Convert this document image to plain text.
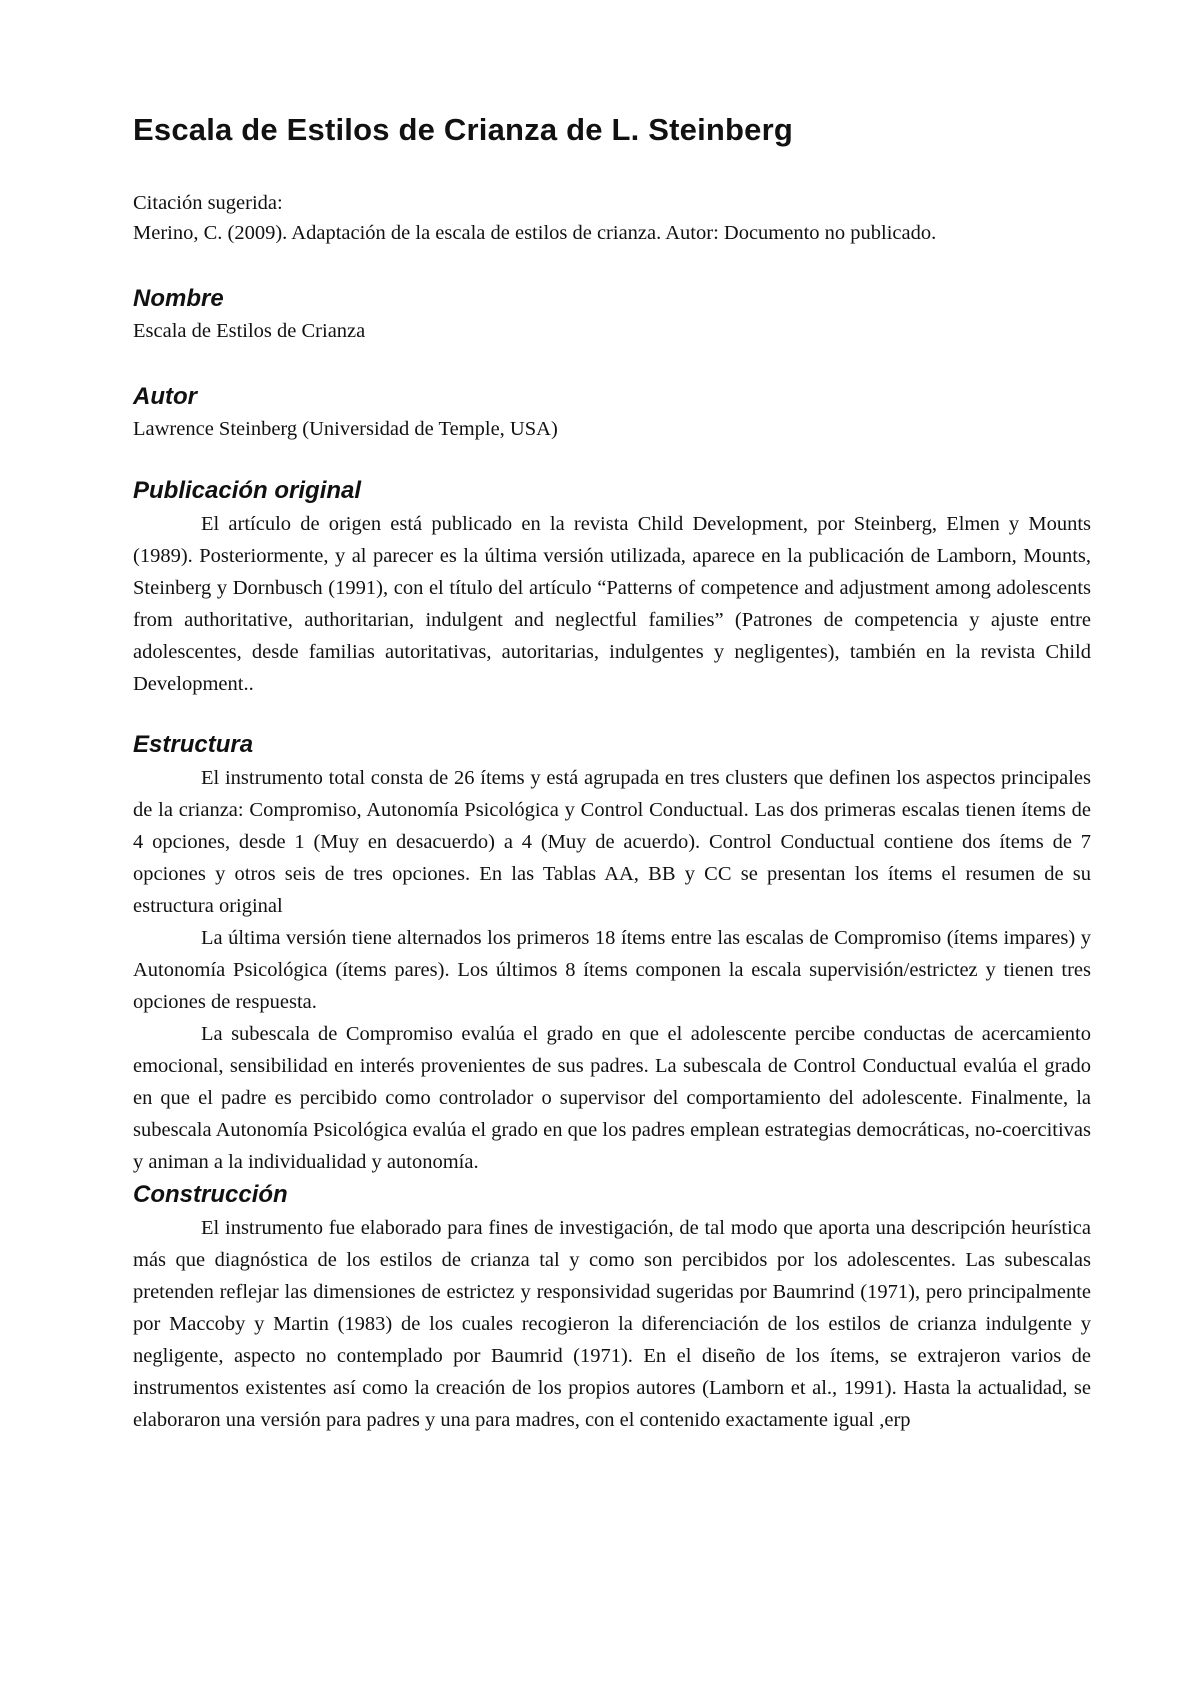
Escala de Estilos de Crianza de L. Steinberg

Citación sugerida:

Merino, C. (2009). Adaptación de la escala de estilos de crianza. Autor: Documento no publicado.

Nombre

Escala de Estilos de Crianza

Autor

Lawrence Steinberg (Universidad de Temple, USA)

Publicación original

El artículo de origen está publicado en la revista Child Development, por Steinberg, Elmen y Mounts (1989). Posteriormente, y al parecer es la última versión utilizada, aparece en la publicación de Lamborn, Mounts, Steinberg y Dornbusch (1991), con el título del artículo “Patterns of competence and adjustment among adolescents from authoritative, authoritarian, indulgent and neglectful families” (Patrones de competencia y ajuste entre adolescentes, desde familias autoritativas, autoritarias, indulgentes y negligentes), también en la revista Child Development..

Estructura

El instrumento total consta de 26 ítems y está agrupada en tres clusters que definen los aspectos principales de la crianza: Compromiso, Autonomía Psicológica y Control Conductual. Las dos primeras escalas tienen ítems de 4 opciones, desde 1 (Muy en desacuerdo) a 4 (Muy de acuerdo). Control Conductual contiene dos ítems de 7 opciones y otros seis de tres opciones. En las Tablas AA, BB y CC se presentan los ítems el resumen de su estructura original

La última versión tiene alternados los primeros 18 ítems entre las escalas de Compromiso (ítems impares) y Autonomía Psicológica (ítems pares). Los últimos 8 ítems componen la escala supervisión/estrictez y tienen tres opciones de respuesta.

La subescala de Compromiso evalúa el grado en que el adolescente percibe conductas de acercamiento emocional, sensibilidad en interés provenientes de sus padres. La subescala de Control Conductual evalúa el grado en que el padre es percibido como controlador o supervisor del comportamiento del adolescente. Finalmente, la subescala Autonomía Psicológica evalúa el grado en que los padres emplean estrategias democráticas, no-coercitivas y animan a la individualidad y autonomía.

Construcción

El instrumento fue elaborado para fines de investigación, de tal modo que aporta una descripción heurística más que diagnóstica de los estilos de crianza tal y como son percibidos por los adolescentes. Las subescalas pretenden reflejar las dimensiones de estrictez y responsividad sugeridas por Baumrind (1971), pero principalmente por Maccoby y Martin (1983) de los cuales recogieron la diferenciación de los estilos de crianza indulgente y negligente, aspecto no contemplado por Baumrid (1971). En el diseño de los ítems, se extrajeron varios de instrumentos existentes así como la creación de los propios autores (Lamborn et al., 1991). Hasta la actualidad, se elaboraron una versión para padres y una para madres, con el contenido exactamente igual ,erp
